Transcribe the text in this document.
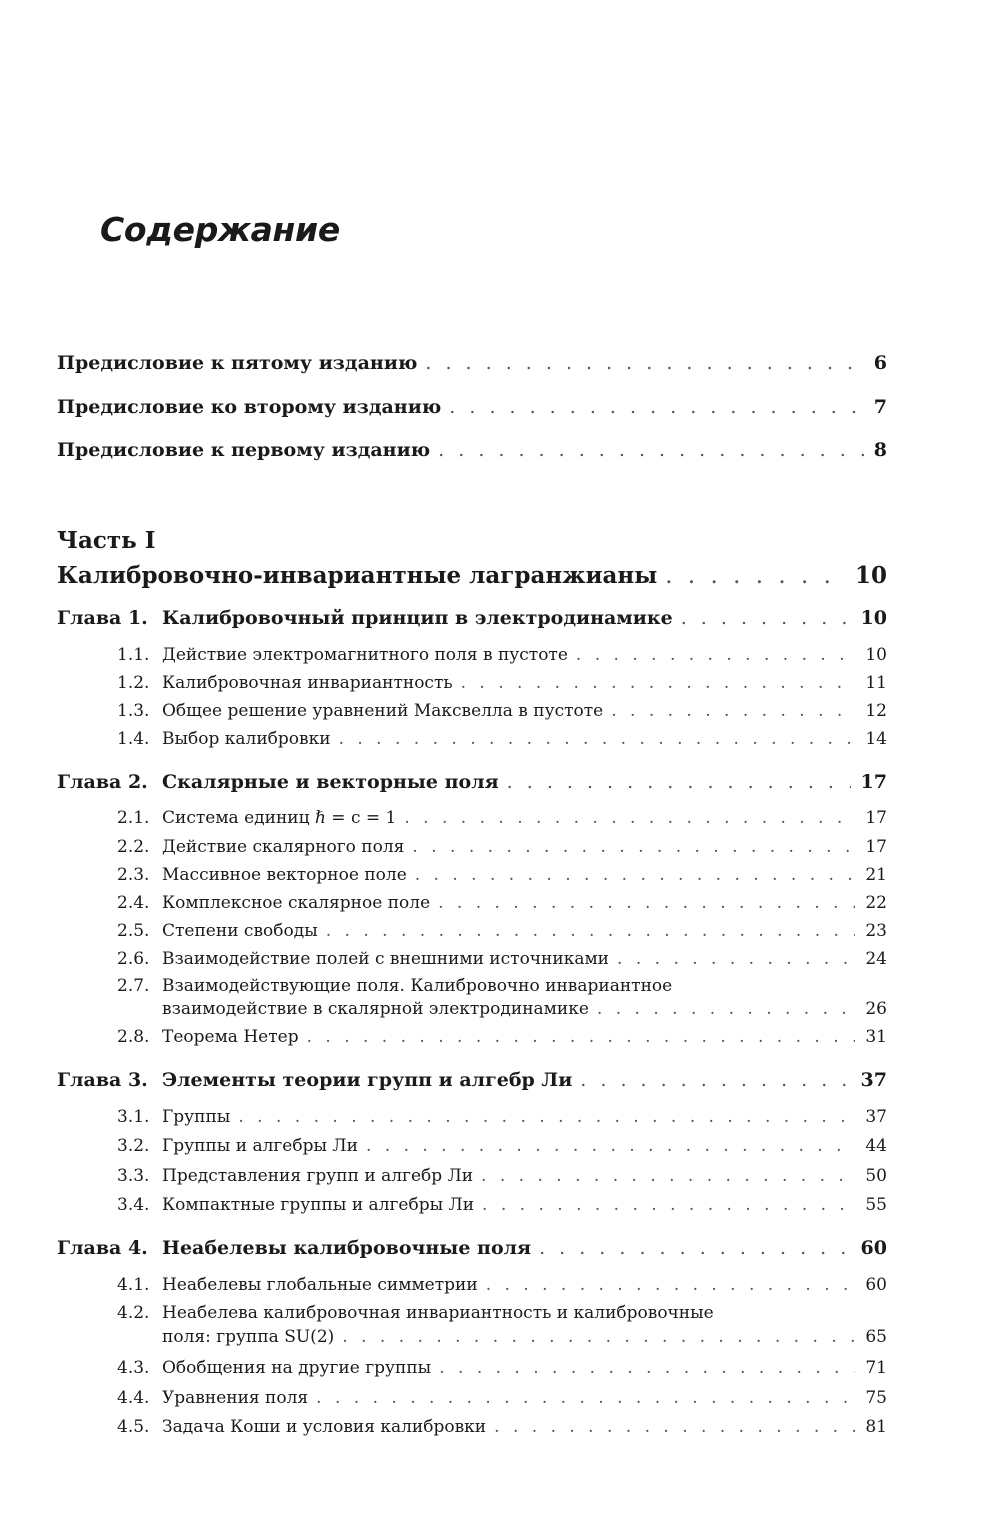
Содержание
Предисловие к пятому изданию . . .	6
Предисловие ко второму изданию . . .	7
Предисловие к первому изданию . . .	8
Часть I
Калибровочно-инвариантные лагранжианы . . .	10
Глава 1. Калибровочный принцип в электродинамике . . .	10
1.1. Действие электромагнитного поля в пустоте . . .	10
1.2. Калибровочная инвариантность . . .	11
1.3. Общее решение уравнений Максвелла в пустоте . . .	12
1.4. Выбор калибровки . . .	14
Глава 2. Скалярные и векторные поля . . .	17
2.1. Система единиц ℏ = c = 1 . . .	17
2.2. Действие скалярного поля . . .	17
2.3. Массивное векторное поле . . .	21
2.4. Комплексное скалярное поле . . .	22
2.5. Степени свободы . . .	23
2.6. Взаимодействие полей с внешними источниками . . .	24
2.7. Взаимодействующие поля. Калибровочно инвариантное
взаимодействие в скалярной электродинамике . . .	26
2.8. Теорема Нетер . . .	31
Глава 3. Элементы теории групп и алгебр Ли . . .	37
3.1. Группы . . .	37
3.2. Группы и алгебры Ли . . .	44
3.3. Представления групп и алгебр Ли . . .	50
3.4. Компактные группы и алгебры Ли . . .	55
Глава 4. Неабелевы калибровочные поля . . .	60
4.1. Неабелевы глобальные симметрии . . .	60
4.2. Неабелева калибровочная инвариантность и калибровочные
поля: группа SU(2) . . .	65
4.3. Обобщения на другие группы . . .	71
4.4. Уравнения поля . . .	75
4.5. Задача Коши и условия калибровки . . .	81
